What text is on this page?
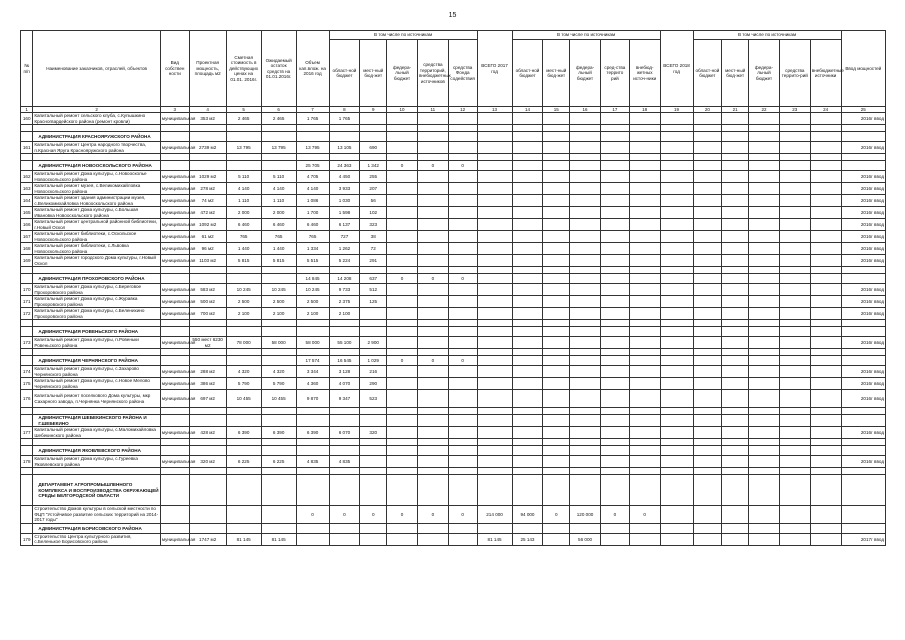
15
№ п/п	Наименование заказчиков, отраслей, объектов	Вид собствен ности	Проектная мощность, площадь м2	Сметная стоимость в действующих ценах на 01.01. 2016г.	Ожидаемый остаток средств на 01.01.2016г.	Объем кап.влож. на 2016 год	В том числе по источникам					ВСЕГО 2017 год	В том числе по источникам					ВСЕГО 2018 год	В том числе по источникам					Ввод мощностей
							област-ной бюджет	мест-ный бюд-жет	федера-льный бюджет	средства территорий, внебюджетных источников	средства Фонда содействия		област-ной бюджет	мест-ный бюд-жет	федера-льный бюджет	сред-ства террито рий	внебюд-жетных источ-ники		област-ной бюджет	мест-ный бюд-жет	федера-льный бюджет	средства террито-рий	внебюджетные источники	
1	2	3	4	5	6	7	8	9	10	11	12	13	14	15	16	17	18	19	20	21	22	23	24	25
160	Капитальный ремонт сельского клуба, с.Купышкино Красногвардейского района (ремонт кровли)	муниципальная	353 м2	2 465	2 465	1 765	1 765																	2016г ввод

	АДМИНИСТРАЦИЯ КРАСНОЯРУЖСКОГО РАЙОНА																							
161	Капитальный ремонт Центра народного творчества, п.Красная Яруга Краснояружского района	муниципальная	2739 м2	13 795	13 795	13 795	13 105	690																2016г ввод

	АДМИНИСТРАЦИЯ НОВООСКОЛЬСКОГО РАЙОНА					25 705	24 363	1 342	0	0	0													
162	Капитальный ремонт Дома культуры, с.Новоосколье Новооскольского района	муниципальная	1029 м2	5 110	5 110	4 705	4 450	255																2016г ввод
163	Капитальный ремонт музея, с.Великомихайловка Новооскольского района	муниципальная	278 м2	4 140	4 140	4 140	3 933	207																2016г ввод
164	Капитальный ремонт здания администрации музея, с.Великомихайловка Новооскольского района	муниципальная	74 м2	1 110	1 110	1 086	1 030	56																2016г ввод
165	Капитальный ремонт Дома культуры, с.Большая Ивановка Новооскольского района	муниципальная	472 м2	2 000	2 000	1 700	1 598	102																2016г ввод
166	Капитальный ремонт центральной районной библиотеки, г.Новый Оскол	муниципальная	1092 м2	6 460	6 460	6 460	6 137	323																2016г ввод
167	Капитальный ремонт библиотеки, с.Оскольское Новооскольского района	муниципальная	61 м2	765	765	765	727	38																2016г ввод
168	Капитальный ремонт библиотеки, с.Львовка Новооскольского района	муниципальная	96 м2	1 440	1 440	1 334	1 262	72																2016г ввод
169	Капитальный ремонт городского Дома культуры, г.Новый Оскол	муниципальная	1103 м2	5 815	5 815	5 515	5 224	291																2016г ввод

	АДМИНИСТРАЦИЯ ПРОХОРОВСКОГО РАЙОНА					14 845	14 208	637	0	0	0													
170	Капитальный ремонт Дома культуры, с.Береговое Прохоровского района	муниципальная	583 м2	10 245	10 245	10 245	9 733	512																2016г ввод
171	Капитальный ремонт Дома культуры, с.Журавка Прохоровского района	муниципальная	500 м2	2 500	2 500	2 500	2 375	125																2016г ввод
172	Капитальный ремонт Дома культуры, с.Беленихино Прохоровского района	муниципальная	700 м2	2 100	2 100	2 100	2 100																	2016г ввод

	АДМИНИСТРАЦИЯ РОВЕНЬСКОГО РАЙОНА																							
173	Капитальный ремонт Дома культуры, п.Ровеньки Ровеньского района	муниципальная	550 мест 6230 м2	78 000	58 000	58 000	55 100	2 900																2016г ввод

	АДМИНИСТРАЦИЯ ЧЕРНЯНСКОГО РАЙОНА					17 574	16 545	1 029	0	0	0													
174	Капитальный ремонт Дома культуры, с.Захарово Чернянского района	муниципальная	288 м2	4 320	4 320	3 344	3 128	216																2016г ввод
175	Капитальный ремонт Дома культуры, с.Новое Мелово Чернянского района	муниципальная	386 м2	5 790	5 790	4 360	4 070	290																2016г ввод
176	Капитальный ремонт поселкового Дома культуры, мкр Сахарного завода, п.Чернянка Чернянского района	муниципальная	697 м2	10 455	10 455	9 870	9 347	523																2016г ввод

	АДМИНИСТРАЦИЯ ШЕБЕКИНСКОГО РАЙОНА И Г.ШЕБЕКИНО																							
177	Капитальный ремонт Дома культуры, с.Маломихайловка Шебекинского района	муниципальная	428 м2	6 390	6 390	6 390	6 070	320																2016г ввод

	АДМИНИСТРАЦИЯ ЯКОВЛЕВСКОГО РАЙОНА																							
178	Капитальный ремонт Дома культуры, с.Гуреевка Яковлевского района	муниципальная	320 м2	6 225	6 225	4 835	4 835																	2016г ввод

	ДЕПАРТАМЕНТ АГРОПРОМЫШЛЕННОГО КОМПЛЕКСА И ВОСПРОИЗВОДСТВА ОКРУЖАЮЩЕЙ СРЕДЫ БЕЛГОРОДСКОЙ ОБЛАСТИ																							
	Строительство Домов культуры в сельской местности по ФЦП "Устойчивое развитие сельских территорий на 2014-2017 годы"					0	0	0	0	0	0	214 000	94 000	0	120 000	0	0							
	АДМИНИСТРАЦИЯ БОРИСОВСКОГО РАЙОНА																							
179	Строительство Центра культурного развития, с.Беленькое Борисовского района	муниципальная	1747 м2	81 145	81 145							81 145	25 143		56 000									2017г ввод
